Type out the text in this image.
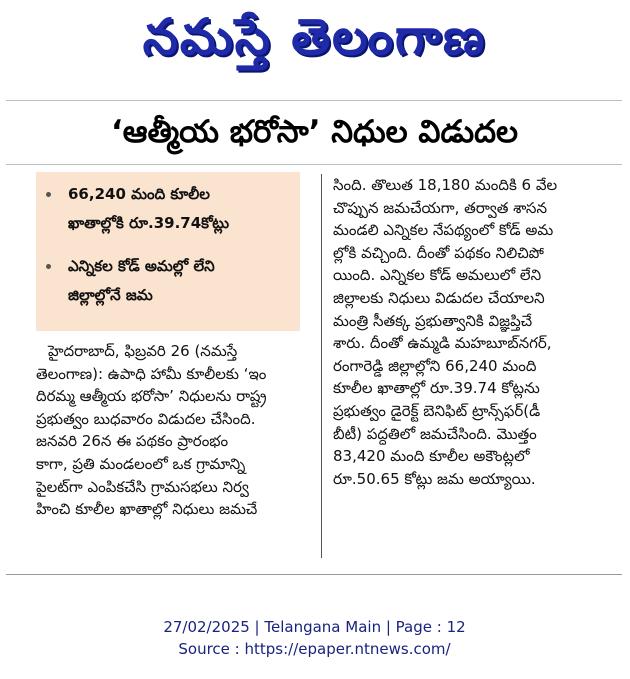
నమస్తే తెలంగాణ
‘ఆత్మీయ భరోసా’ నిధుల విడుదల
66,240 మంది కూలీల
ఖాతాల్లోకి రూ.39.74కోట్లు
ఎన్నికల కోడ్ అమల్లో లేని
జిల్లాల్లోనే జమ
హైదరాబాద్, ఫిబ్రవరి 26 (నమస్తే
తెలంగాణ): ఉపాధి హామీ కూలీలకు ‘ఇం
దిరమ్మ ఆత్మీయ భరోసా’ నిధులను రాష్ట్ర
ప్రభుత్వం బుధవారం విడుదల చేసింది.
జనవరి 26న ఈ పథకం ప్రారంభం
కాగా, ప్రతి మండలంలో ఒక గ్రామాన్ని
పైలట్‌గా ఎంపికచేసి గ్రామసభలు నిర్వ
హించి కూలీల ఖాతాల్లో నిధులు జమచే
సింది. తొలుత 18,180 మందికి 6 వేల
చొప్పున జమచేయగా, తర్వాత శాసన
మండలి ఎన్నికల నేపథ్యంలో కోడ్ అమ
ల్లోకి వచ్చింది. దీంతో పథకం నిలిచిపో
యింది. ఎన్నికల కోడ్ అమలులో లేని
జిల్లాలకు నిధులు విడుదల చేయాలని
మంత్రి సీతక్క ప్రభుత్వానికి విజ్ఞప్తిచే
శారు. దీంతో ఉమ్మడి మహబూబ్‌నగర్,
రంగారెడ్డి జిల్లాల్లోని 66,240 మంది
కూలీల ఖాతాల్లో రూ.39.74 కోట్లను
ప్రభుత్వం డైరెక్ట్ బెనిఫిట్ ట్రాన్స్‌ఫర్(డీ
బీటీ) పద్ధతిలో జమచేసింది. మొత్తం
83,420 మంది కూలీల అకౌంట్లలో
రూ.50.65 కోట్లు జమ అయ్యాయి.
27/02/2025 | Telangana Main | Page : 12
Source : https://epaper.ntnews.com/
